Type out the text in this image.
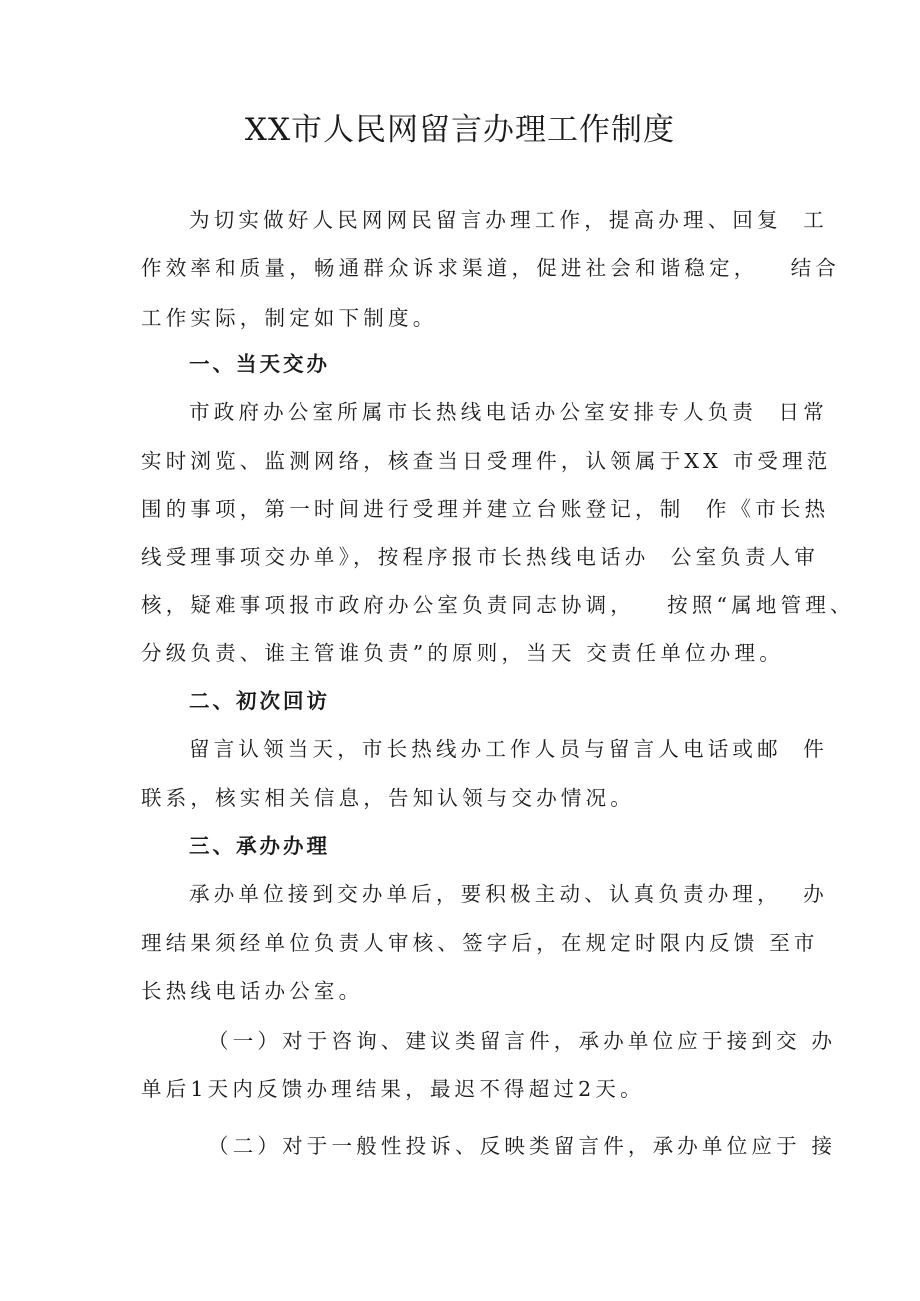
XX市人民网留言办理工作制度
为切实做好人民网网民留言办理工作，提高办理、回复  工
作效率和质量，畅通群众诉求渠道，促进社会和谐稳定，   结合
工作实际，制定如下制度。
一、当天交办
市政府办公室所属市长热线电话办公室安排专人负责  日常
实时浏览、监测网络，核查当日受理件，认领属于XX 市受理范
围的事项，第一时间进行受理并建立台账登记，制  作《市长热
线受理事项交办单》，按程序报市长热线电话办  公室负责人审
核，疑难事项报市政府办公室负责同志协调，   按照“属地管理、
分级负责、谁主管谁负责”的原则，当天 交责任单位办理。
二、初次回访
留言认领当天，市长热线办工作人员与留言人电话或邮  件
联系，核实相关信息，告知认领与交办情况。
三、承办办理
承办单位接到交办单后，要积极主动、认真负责办理，  办
理结果须经单位负责人审核、签字后，在规定时限内反馈 至市
长热线电话办公室。
（一）对于咨询、建议类留言件，承办单位应于接到交 办
单后1天内反馈办理结果，最迟不得超过2天。
（二）对于一般性投诉、反映类留言件，承办单位应于 接
